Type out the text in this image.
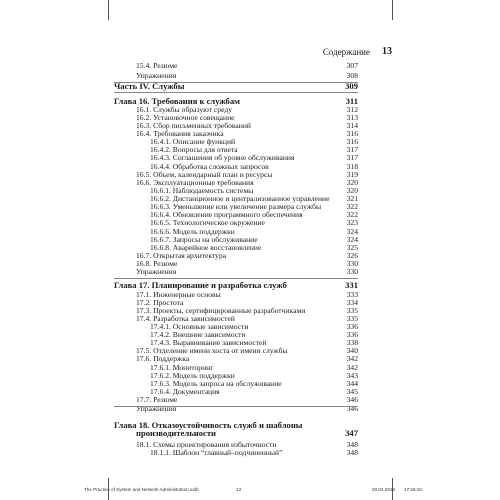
Содержание 13
15.4. Резюме	307
Упражнения	308
Часть IV. Службы	309
Глава 16. Требования к службам	311
16.1. Службы образуют среду	312
16.2. Установочное совещание	313
16.3. Сбор письменных требований	314
16.4. Требования заказчика	316
16.4.1. Описание функций	316
16.4.2. Вопросы для ответа	317
16.4.3. Соглашения об уровне обслуживания	317
16.4.4. Обработка сложных запросов	318
16.5. Объем, календарный план и ресурсы	319
16.6. Эксплуатационные требования	320
16.6.1. Наблюдаемость системы	320
16.6.2. Дистанционное и централизованное управление 321
16.6.3. Уменьшение или увеличение размера службы	322
16.6.4. Обновление программного обеспечения	322
16.6.5. Технологическое окружение	323
16.6.6. Модель поддержки	324
16.6.7. Запросы на обслуживание	324
16.6.8. Аварийное восстановление	325
16.7. Открытая архитектура	326
16.8. Резюме	330
Упражнения	330
Глава 17. Планирование и разработка служб	331
17.1. Инженерные основы	333
17.2. Простота	334
17.3. Проекты, сертифицированные разработчиками	335
17.4. Разработка зависимостей	335
17.4.1. Основные зависимости	336
17.4.2. Внешние зависимости	336
17.4.3. Выравнивание зависимостей	338
17.5. Отделение имени хоста от имени службы	340
17.6. Поддержка	342
17.6.1. Мониторинг	342
17.6.2. Модель поддержки	343
17.6.3. Модель запроса на обслуживание	344
17.6.4. Документация	345
17.7. Резюме	346
Упражнения	346
Глава 18. Отказоустойчивость служб и шаблоны
производительности	347
18.1. Схемы проектирования избыточности	348
18.1.1. Шаблон “главный–подчиненный”	348
The Practice of System and Network Administration.indb	13	20.04.2018 17:26:10
